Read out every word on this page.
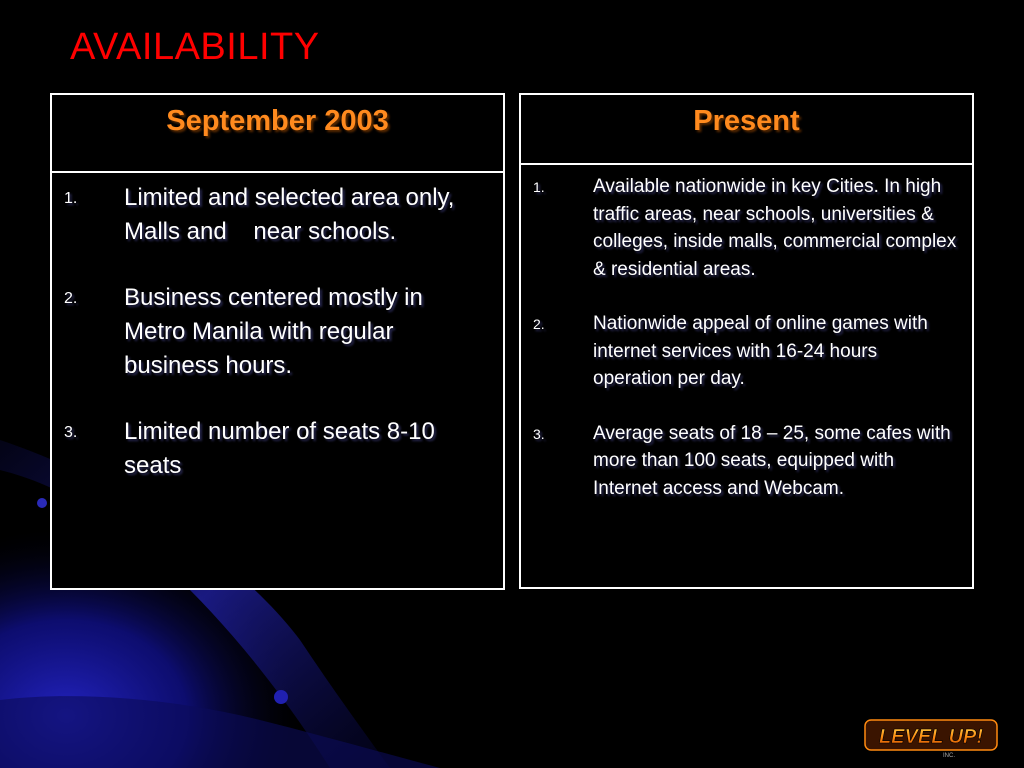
AVAILABILITY
September 2003
1. Limited and selected area only, Malls and    near schools.
2. Business centered mostly in Metro Manila with regular business hours.
3. Limited number of seats 8-10 seats
Present
1.	Available nationwide in key Cities. In high traffic areas, near schools, universities & colleges, inside malls, commercial complex & residential areas.
2.	Nationwide appeal of online games with internet services with 16-24 hours operation per day.
3.	Average seats of 18 – 25, some cafes with more than 100 seats, equipped with Internet access and Webcam.
LEVEL UP!
INC.
